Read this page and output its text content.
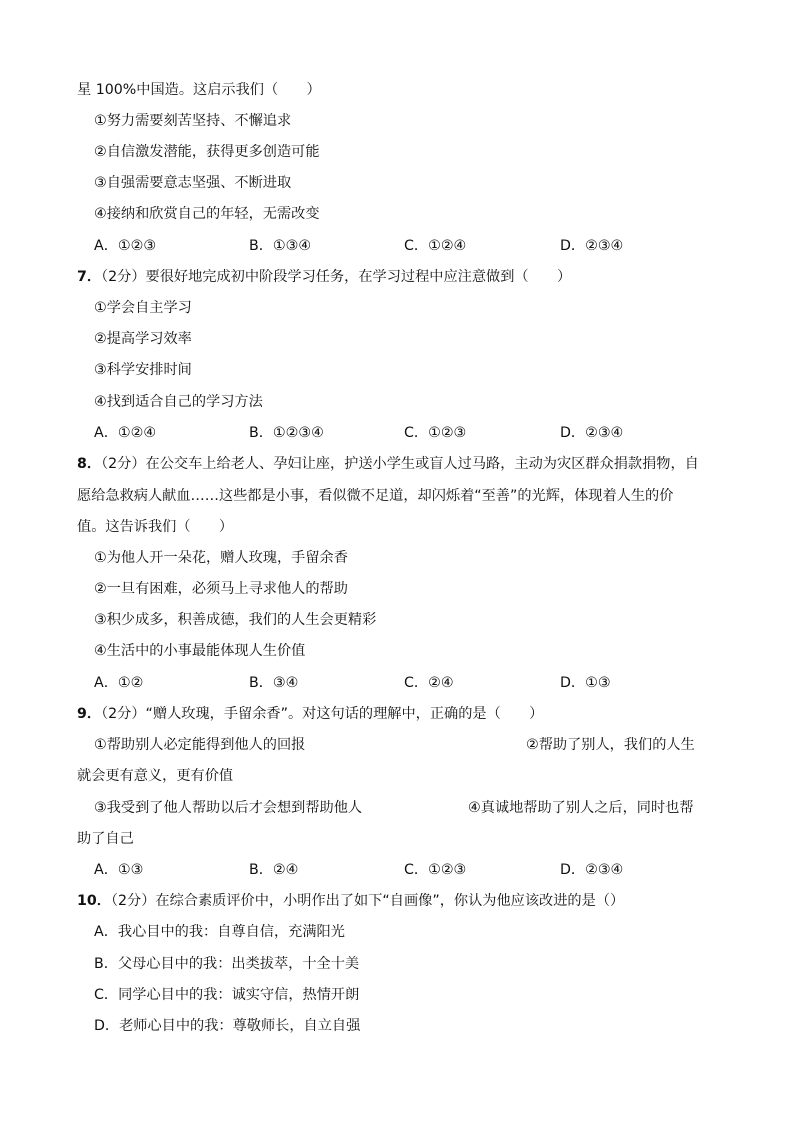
星 100%中国造。这启示我们（　　）
①努力需要刻苦坚持、不懈追求
②自信激发潜能，获得更多创造可能
③自强需要意志坚强、不断进取
④接纳和欣赏自己的年轻，无需改变
A．①②③	B．①③④	C．①②④	D．②③④
7．（2分）要很好地完成初中阶段学习任务，在学习过程中应注意做到（　　）
①学会自主学习
②提高学习效率
③科学安排时间
④找到适合自己的学习方法
A．①②④	B．①②③④	C．①②③	D．②③④
8．（2分）在公交车上给老人、孕妇让座，护送小学生或盲人过马路，主动为灾区群众捐款捐物，自
愿给急救病人献血……这些都是小事，看似微不足道，却闪烁着“至善”的光辉，体现着人生的价
值。这告诉我们（　　）
①为他人开一朵花，赠人玫瑰，手留余香
②一旦有困难，必须马上寻求他人的帮助
③积少成多，积善成德，我们的人生会更精彩
④生活中的小事最能体现人生价值
A．①②	B．③④	C．②④	D．①③
9．（2分）“赠人玫瑰，手留余香”。对这句话的理解中，正确的是（　　）
①帮助别人必定能得到他人的回报	②帮助了别人，我们的人生
就会更有意义，更有价值
③我受到了他人帮助以后才会想到帮助他人	④真诚地帮助了别人之后，同时也帮
助了自己
A．①③	B．②④	C．①②③	D．②③④
10．（2分）在综合素质评价中，小明作出了如下“自画像”，你认为他应该改进的是（）
A．我心目中的我：自尊自信，充满阳光
B．父母心目中的我：出类拔萃，十全十美
C．同学心目中的我：诚实守信，热情开朗
D．老师心目中的我：尊敬师长，自立自强
